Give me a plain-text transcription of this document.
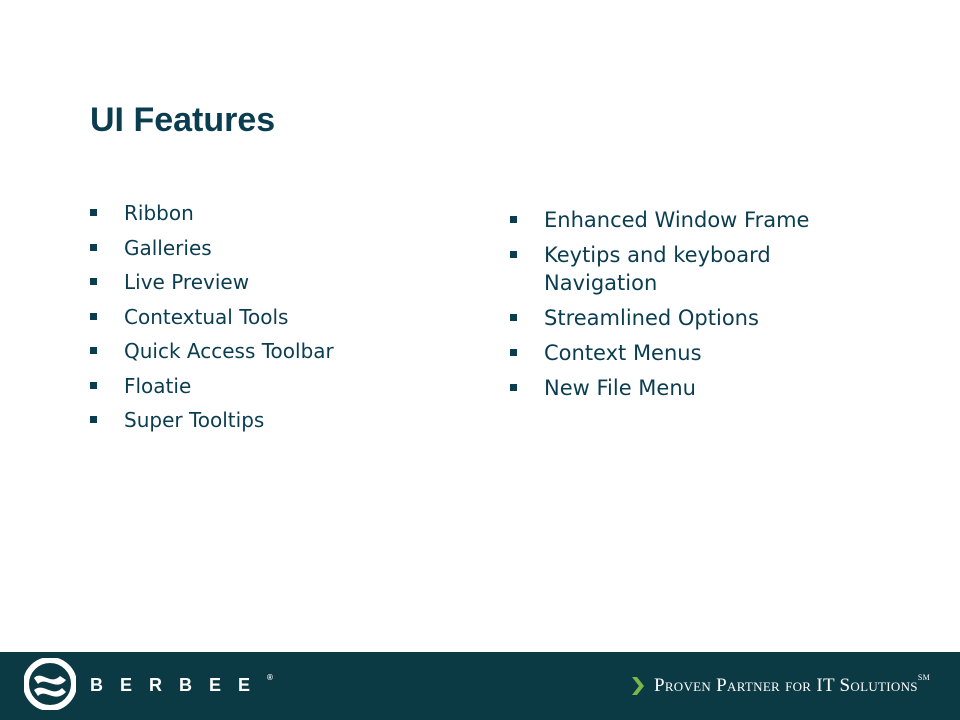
UI Features
Ribbon
Galleries
Live Preview
Contextual Tools
Quick Access Toolbar
Floatie
Super Tooltips
Enhanced Window Frame
Keytips and keyboard Navigation
Streamlined Options
Context Menus
New File Menu
BERBEE®	Proven Partner for IT Solutions℠
